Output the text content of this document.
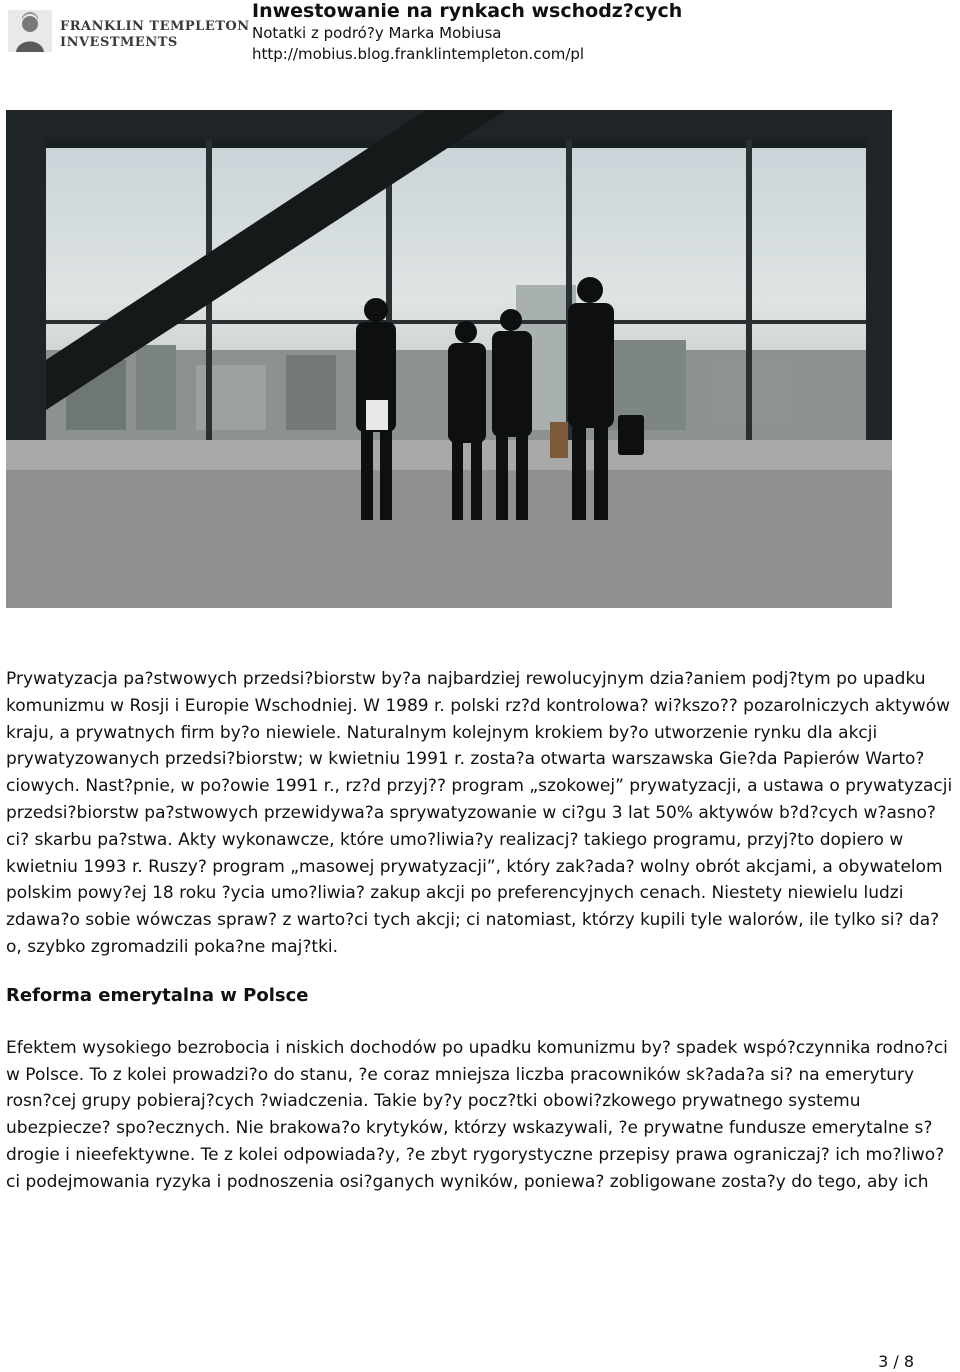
FRANKLIN TEMPLETON
INVESTMENTS
Inwestowanie na rynkach wschodz?cych
Notatki z podró?y Marka Mobiusa
http://mobius.blog.franklintempleton.com/pl

Prywatyzacja pa?stwowych przedsi?biorstw by?a najbardziej rewolucyjnym dzia?aniem podj?tym po upadku komunizmu w Rosji i Europie Wschodniej. W 1989 r. polski rz?d kontrolowa? wi?kszo?? pozarolniczych aktywów kraju, a prywatnych firm by?o niewiele. Naturalnym kolejnym krokiem by?o utworzenie rynku dla akcji prywatyzowanych przedsi?biorstw; w kwietniu 1991 r. zosta?a otwarta warszawska Gie?da Papierów Warto?ciowych. Nast?pnie, w po?owie 1991 r., rz?d przyj?? program „szokowej” prywatyzacji, a ustawa o prywatyzacji przedsi?biorstw pa?stwowych przewidywa?a sprywatyzowanie w ci?gu 3 lat 50% aktywów b?d?cych w?asno?ci? skarbu pa?stwa. Akty wykonawcze, które umo?liwia?y realizacj? takiego programu, przyj?to dopiero w kwietniu 1993 r. Ruszy? program „masowej prywatyzacji”, który zak?ada? wolny obrót akcjami, a obywatelom polskim powy?ej 18 roku ?ycia umo?liwia? zakup akcji po preferencyjnych cenach. Niestety niewielu ludzi zdawa?o sobie wówczas spraw? z warto?ci tych akcji; ci natomiast, którzy kupili tyle walorów, ile tylko si? da?o, szybko zgromadzili poka?ne maj?tki.

Reforma emerytalna w Polsce

Efektem wysokiego bezrobocia i niskich dochodów po upadku komunizmu by? spadek wspó?czynnika rodno?ci w Polsce. To z kolei prowadzi?o do stanu, ?e coraz mniejsza liczba pracowników sk?ada?a si? na emerytury rosn?cej grupy pobieraj?cych ?wiadczenia. Takie by?y pocz?tki obowi?zkowego prywatnego systemu ubezpiecze? spo?ecznych. Nie brakowa?o krytyków, którzy wskazywali, ?e prywatne fundusze emerytalne s? drogie i nieefektywne. Te z kolei odpowiada?y, ?e zbyt rygorystyczne przepisy prawa ograniczaj? ich mo?liwo?ci podejmowania ryzyka i podnoszenia osi?ganych wyników, poniewa? zobligowane zosta?y do tego, aby ich

3 / 8
